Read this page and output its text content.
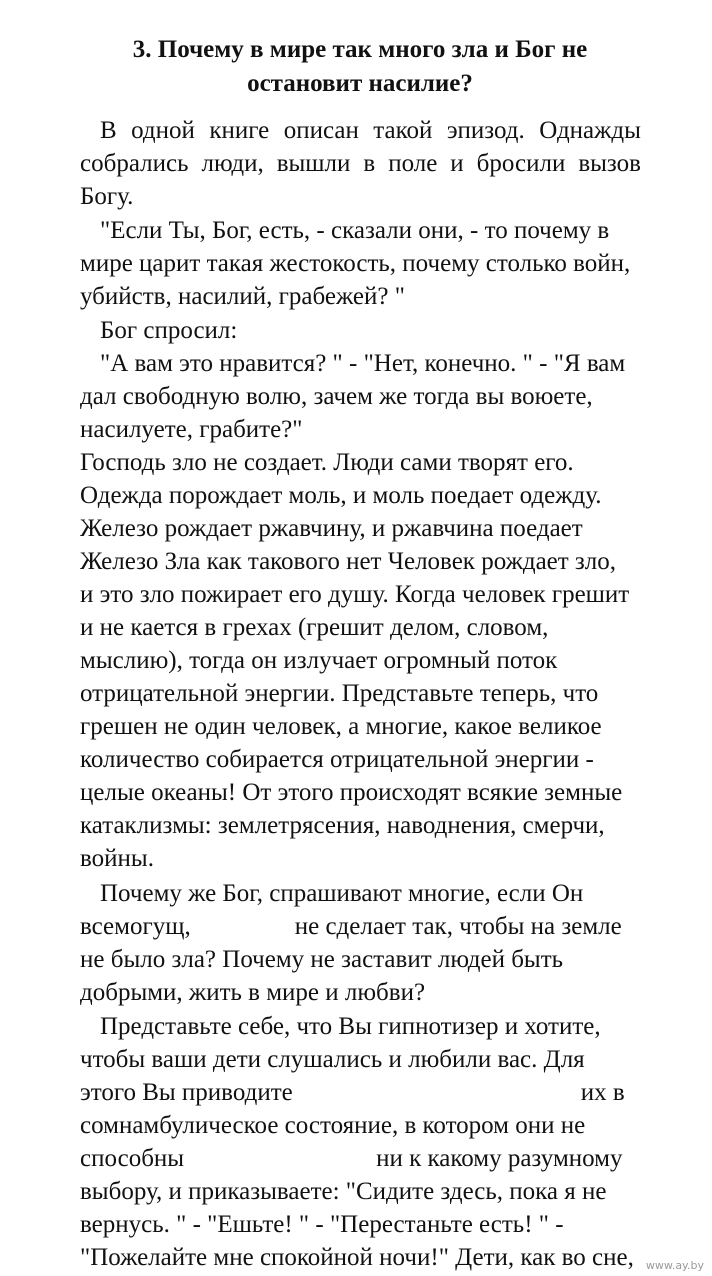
3. Почему в мире так много зла и Бог не
остановит насилие?

В одной книге описан такой эпизод. Однажды

собрались люди, вышли в поле и бросили вызов

Богу.

"Если Ты, Бог, есть, - сказали они, - то почему в

мире царит такая жестокость, почему столько войн,

убийств, насилий, грабежей? "

Бог спросил:

"А вам это нравится? " - "Нет, конечно. " - "Я вам

дал свободную волю, зачем же тогда вы воюете,

насилуете, грабите?"

Господь зло не создает. Люди сами творят его.

Одежда порождает моль, и моль поедает одежду.

Железо рождает ржавчину, и ржавчина поедает

Железо Зла как такового нет Человек рождает зло,

и это зло пожирает его душу. Когда человек грешит

и не кается в грехах (грешит делом, словом,

мыслию), тогда он излучает огромный поток

отрицательной энергии. Представьте теперь, что

грешен не один человек, а многие, какое великое

количество собирается отрицательной энергии -

целые океаны! От этого происходят всякие земные

катаклизмы: землетрясения, наводнения, смерчи,

войны.

Почему же Бог, спрашивают многие, если Он

всемогущ,	не сделает так, чтобы на земле

не было зла? Почему не заставит людей быть

добрыми, жить в мире и любви?

Представьте себе, что Вы гипнотизер и хотите,

чтобы ваши дети слушались и любили вас. Для

этого Вы приводите	их в

сомнамбулическое состояние, в котором они не

способны	ни к какому разумному

выбору, и приказываете: "Сидите здесь, пока я не

вернусь. " - "Ешьте! " - "Перестаньте есть! " -

"Пожелайте мне спокойной ночи!" Дети, как во сне,	www.ay.by
